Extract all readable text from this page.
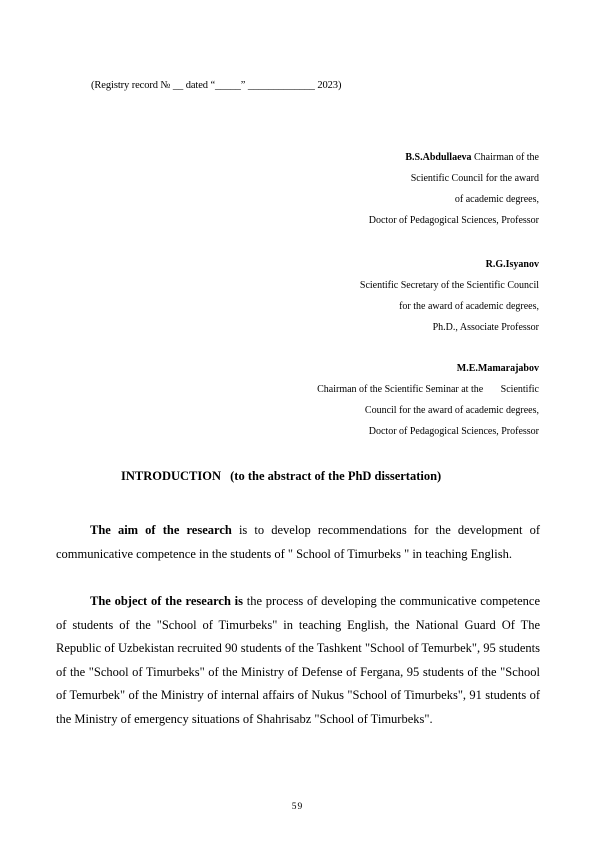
(Registry record № __ dated “_____” _____________ 2023)
B.S.Abdullaeva Chairman of the
Scientific Council for the award
of academic degrees,
Doctor of Pedagogical Sciences, Professor
R.G.Isyanov
Scientific Secretary of the Scientific Council
for the award of academic degrees,
Ph.D., Associate Professor
M.E.Mamarajabov
Chairman of the Scientific Seminar at the       Scientific
Council for the award of academic degrees,
Doctor of Pedagogical Sciences, Professor
INTRODUCTION (to the abstract of the PhD dissertation)
The aim of the research is to develop recommendations for the development of communicative competence in the students of " School of Timurbeks " in teaching English.
The object of the research is the process of developing the communicative competence of students of the "School of Timurbeks" in teaching English, the National Guard Of The Republic of Uzbekistan recruited 90 students of the Tashkent "School of Temurbek", 95 students of the "School of Timurbeks" of the Ministry of Defense of Fergana, 95 students of the "School of Temurbek" of the Ministry of internal affairs of Nukus "School of Timurbeks", 91 students of the Ministry of emergency situations of Shahrisabz "School of Timurbeks".
59
